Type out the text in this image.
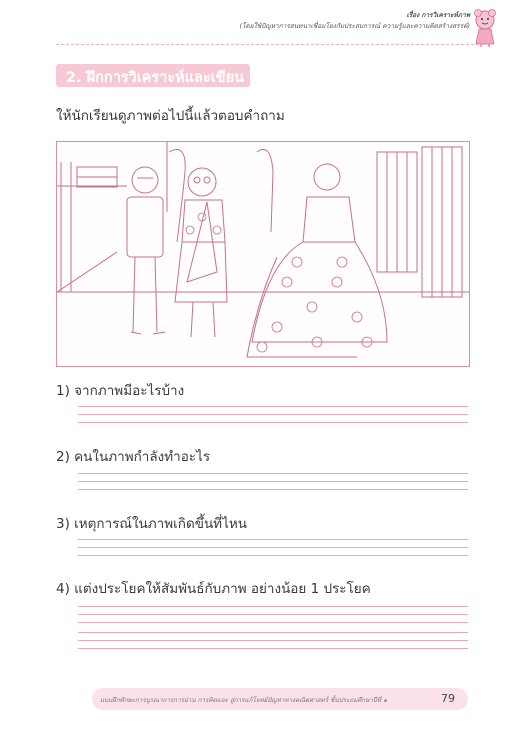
เรื่อง การวิเคราะห์ภาพ
(โดยใช้ปัญหาการสนทนาเชื่อมโยงกับประสบการณ์ ความรู้และความคิดสร้างสรรค์)
2. ฝึกการวิเคราะห์และเขียน
ให้นักเรียนดูภาพต่อไปนี้แล้วตอบคำถาม
1) จากภาพมีอะไรบ้าง
2) คนในภาพกำลังทำอะไร
3) เหตุการณ์ในภาพเกิดขึ้นที่ไหน
4) แต่งประโยคให้สัมพันธ์กับภาพ อย่างน้อย 1 ประโยค
แบบฝึกทักษะการบูรณาการการอ่าน การคิดและ สู่การแก้โจทย์ปัญหาทางคณิตศาสตร์ ชั้นประถมศึกษาปีที่ ๑	79
